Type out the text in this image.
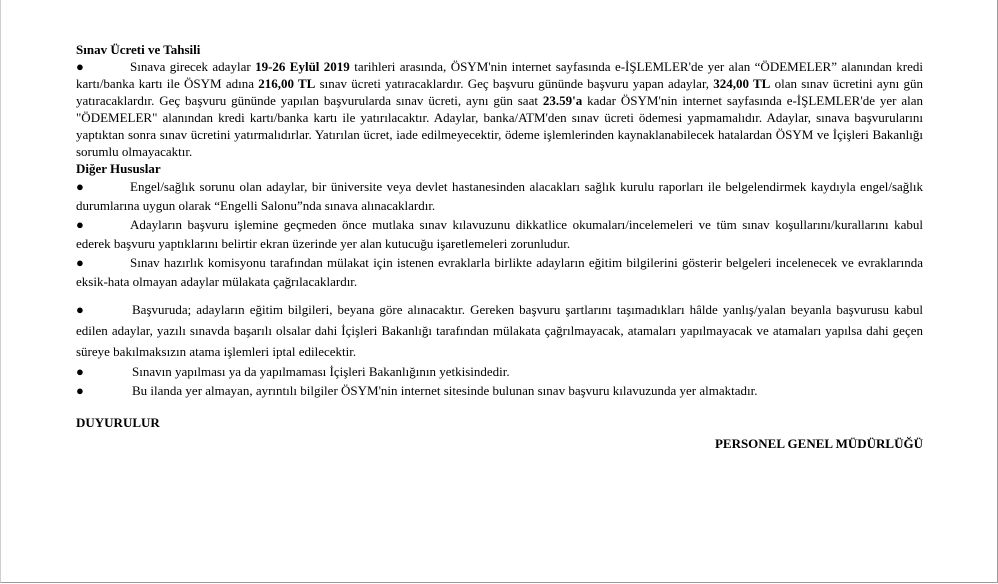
Sınav Ücreti ve Tahsili
●	Sınava girecek adaylar 19-26 Eylül 2019 tarihleri arasında, ÖSYM'nin internet sayfasında e-İŞLEMLER'de yer alan “ÖDEMELER” alanından kredi kartı/banka kartı ile ÖSYM adına 216,00 TL sınav ücreti yatıracaklardır. Geç başvuru gününde başvuru yapan adaylar, 324,00 TL olan sınav ücretini aynı gün yatıracaklardır. Geç başvuru gününde yapılan başvurularda sınav ücreti, aynı gün saat 23.59'a kadar ÖSYM'nin internet sayfasında e-İŞLEMLER'de yer alan "ÖDEMELER" alanından kredi kartı/banka kartı ile yatırılacaktır. Adaylar, banka/ATM'den sınav ücreti ödemesi yapmamalıdır. Adaylar, sınava başvurularını yaptıktan sonra sınav ücretini yatırmalıdırlar. Yatırılan ücret, iade edilmeyecektir, ödeme işlemlerinden kaynaklanabilecek hatalardan ÖSYM ve İçişleri Bakanlığı sorumlu olmayacaktır.
Diğer Hususlar
●	Engel/sağlık sorunu olan adaylar, bir üniversite veya devlet hastanesinden alacakları sağlık kurulu raporları ile belgelendirmek kaydıyla engel/sağlık durumlarına uygun olarak “Engelli Salonu”nda sınava alınacaklardır.
●	Adayların başvuru işlemine geçmeden önce mutlaka sınav kılavuzunu dikkatlice okumaları/incelemeleri ve tüm sınav koşullarını/kurallarını kabul ederek başvuru yaptıklarını belirtir ekran üzerinde yer alan kutucuğu işaretlemeleri zorunludur.
●	Sınav hazırlık komisyonu tarafından mülakat için istenen evraklarla birlikte adayların eğitim bilgilerini gösterir belgeleri incelenecek ve evraklarında eksik-hata olmayan adaylar mülakata çağrılacaklardır.
●	Başvuruda; adayların eğitim bilgileri, beyana göre alınacaktır. Gereken başvuru şartlarını taşımadıkları hâlde yanlış/yalan beyanla başvurusu kabul edilen adaylar, yazılı sınavda başarılı olsalar dahi İçişleri Bakanlığı tarafından mülakata çağrılmayacak, atamaları yapılmayacak ve atamaları yapılsa dahi geçen süreye bakılmaksızın atama işlemleri iptal edilecektir.
●	Sınavın yapılması ya da yapılmaması İçişleri Bakanlığının yetkisindedir.
●	Bu ilanda yer almayan, ayrıntılı bilgiler ÖSYM'nin internet sitesinde bulunan sınav başvuru kılavuzunda yer almaktadır.
DUYURULUR
PERSONEL GENEL MÜDÜRLÜĞÜ
